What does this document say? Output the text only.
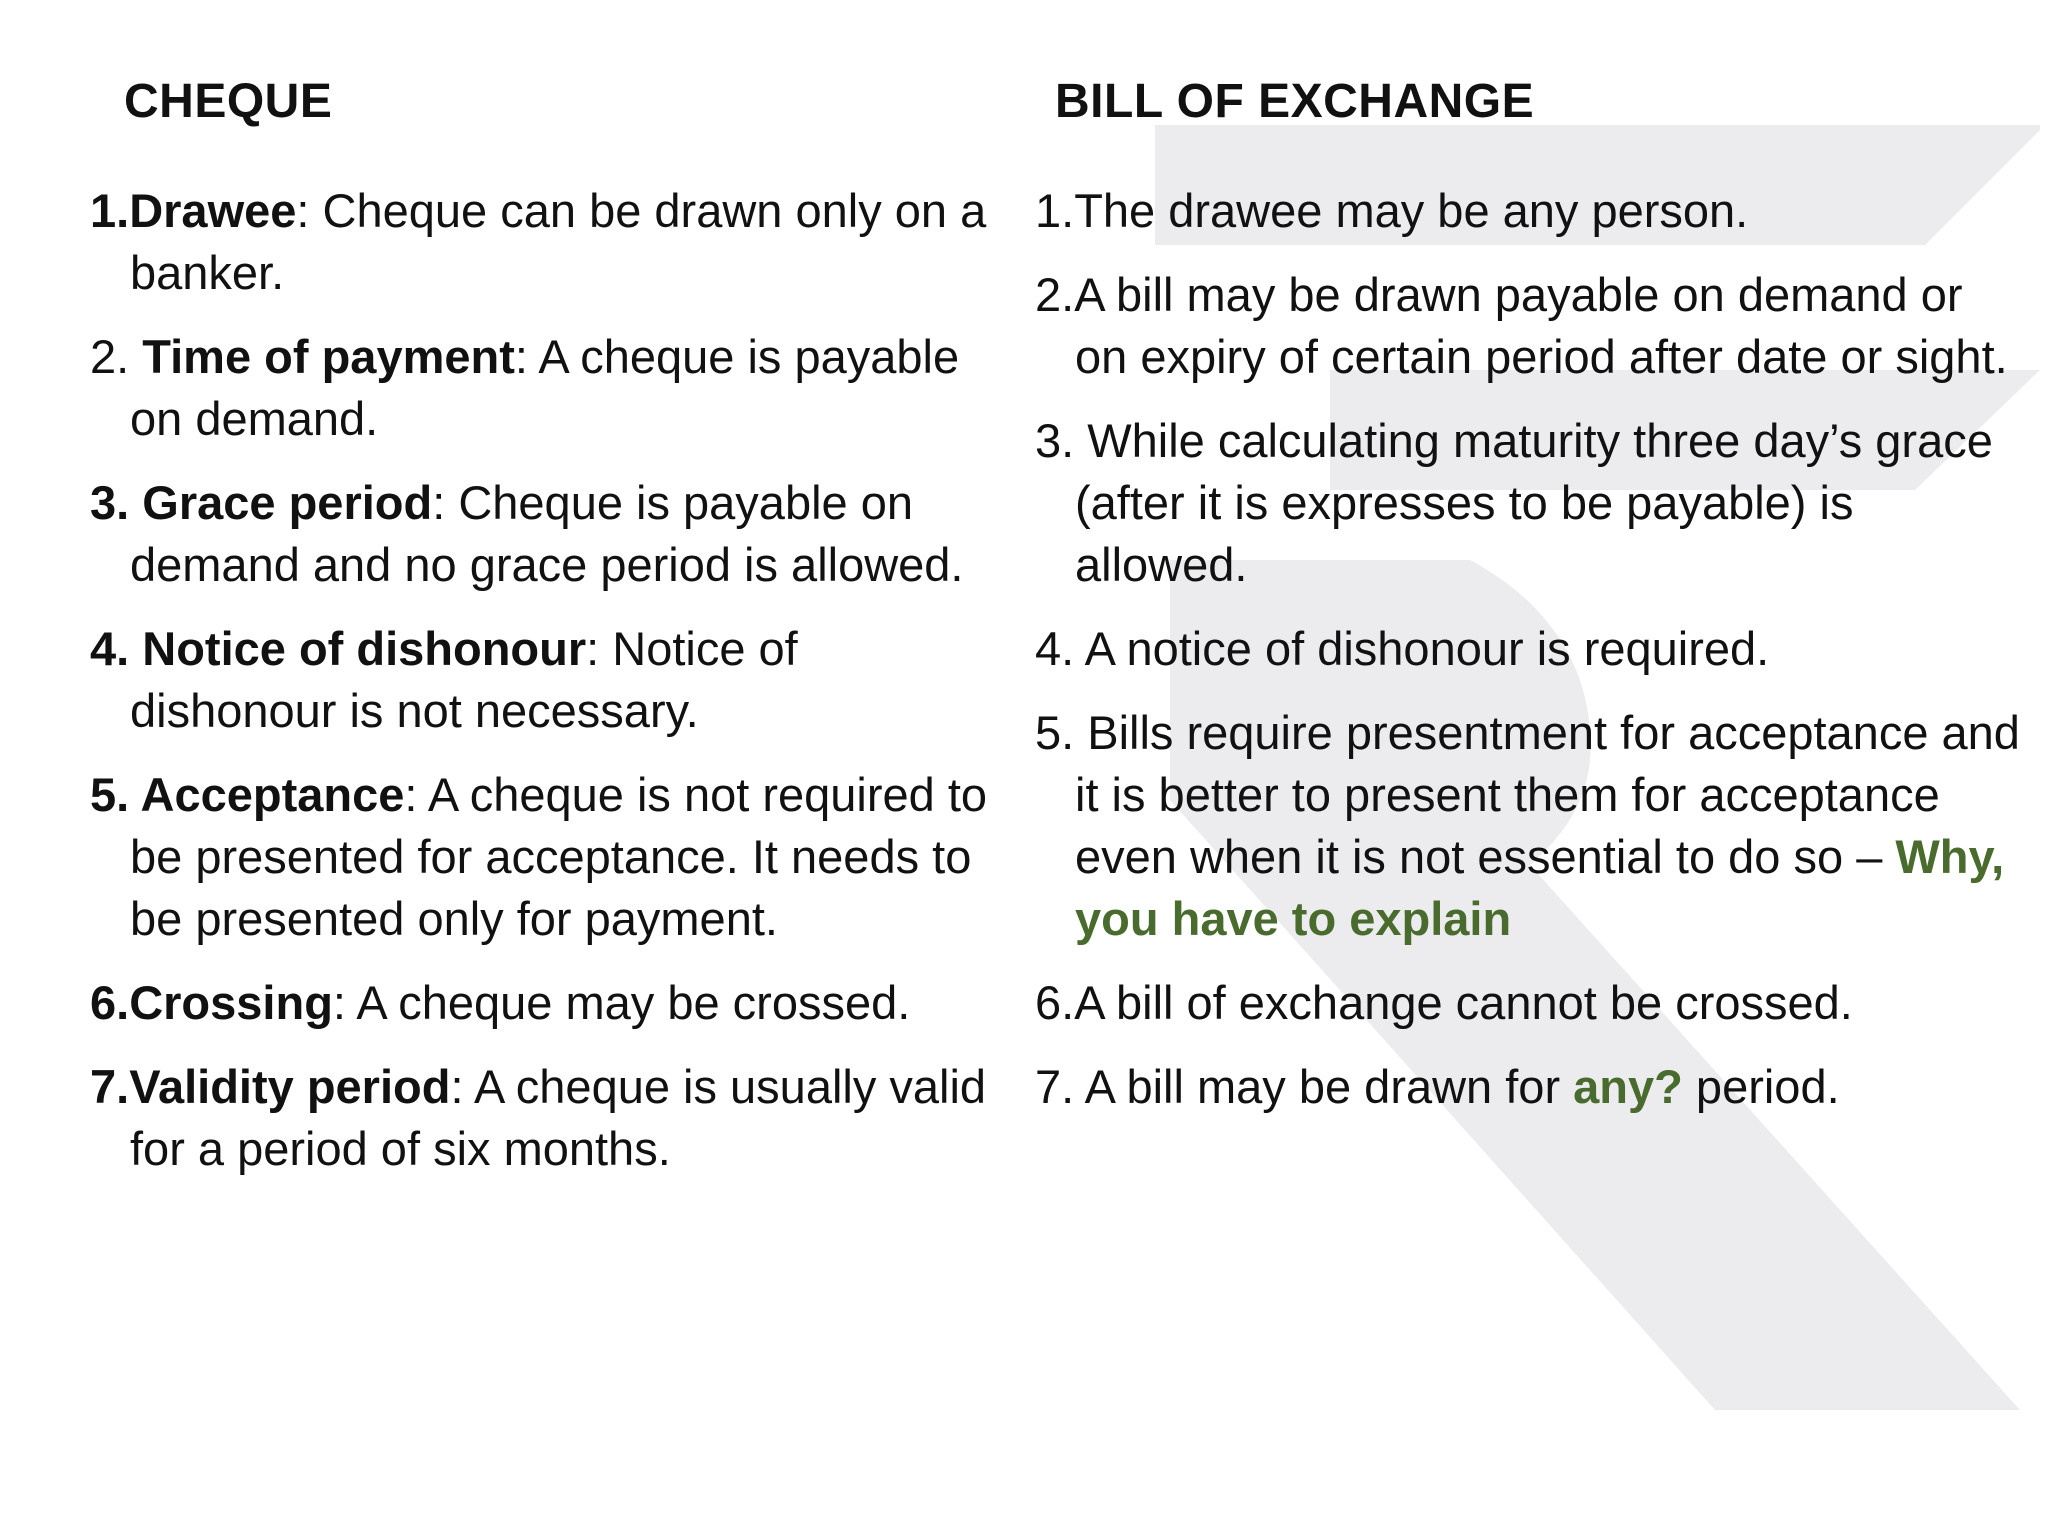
CHEQUE
1.Drawee: Cheque can be drawn only on a banker.
2. Time of payment: A cheque is payable on demand.
3. Grace period: Cheque is payable on demand and no grace period is allowed.
4. Notice of dishonour: Notice of dishonour is not necessary.
5. Acceptance: A cheque is not required to be presented for acceptance. It needs to be presented only for payment.
6.Crossing: A cheque may be crossed.
7.Validity period: A cheque is usually valid for a period of six months.
BILL OF EXCHANGE
1.The drawee may be any person.
2.A bill may be drawn payable on demand or on expiry of certain period after date or sight.
3. While calculating maturity three day’s grace (after it is expresses to be payable) is allowed.
4. A notice of dishonour is required.
5. Bills require presentment for acceptance and it is better to present them for acceptance even when it is not essential to do so – Why, you have to explain
6.A bill of exchange cannot be crossed.
7. A bill may be drawn for any? period.
